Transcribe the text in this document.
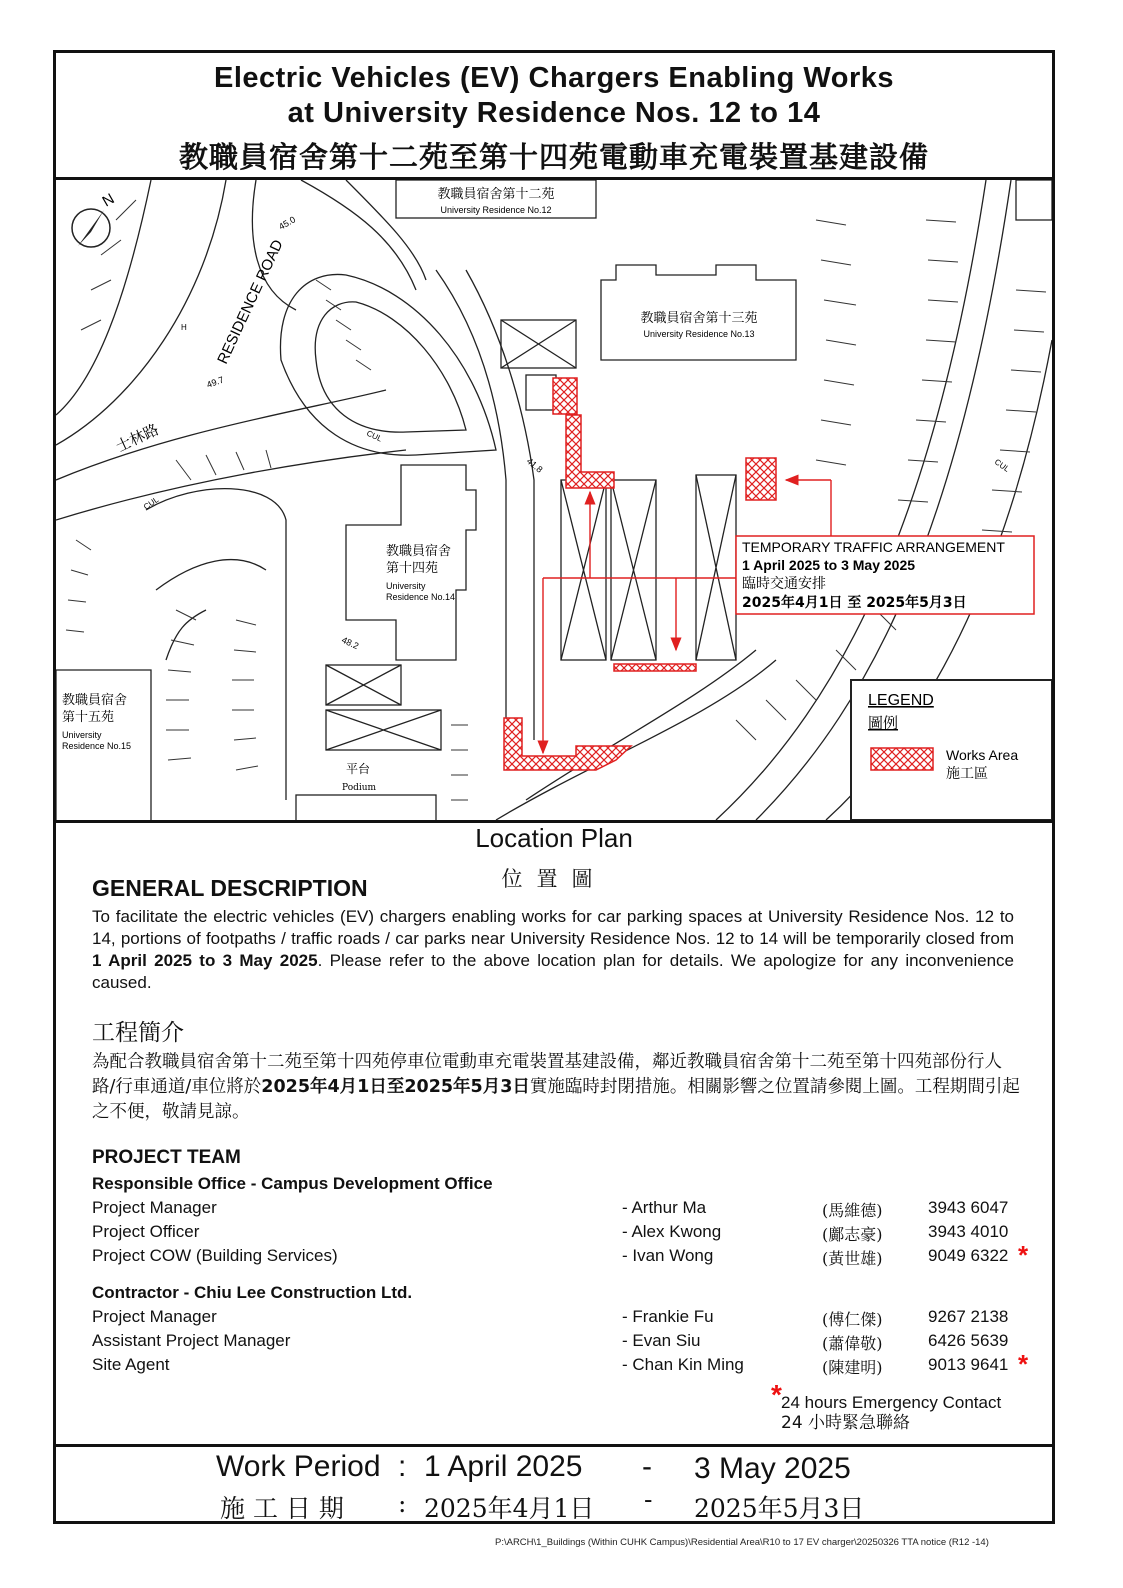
Electric Vehicles (EV) Chargers Enabling Works
at University Residence Nos. 12 to 14
教職員宿舍第十二苑至第十四苑電動車充電裝置基建設備
TEMPORARY TRAFFIC ARRANGEMENT
1 April 2025 to 3 May 2025
臨時交通安排
2025年4月1日 至 2025年5月3日
LEGEND
圖例
Works Area
施工區
N
RESIDENCE ROAD
士林路
45.0
49.7
41.8
48.2
H
CUL
CUL
CUL
教職員宿舍第十二苑
University Residence No.12
教職員宿舍第十三苑
University Residence No.13
教職員宿舍
第十四苑
University
Residence No.14
教職員宿舍
第十五苑
University
Residence No.15
平台
Podium
Location Plan
位置圖
GENERAL DESCRIPTION
To facilitate the electric vehicles (EV) chargers enabling works for car parking spaces at University Residence Nos. 12 to 14, portions of footpaths / traffic roads / car parks near University Residence Nos. 12 to 14 will be temporarily closed from 1 April 2025 to 3 May 2025. Please refer to the above location plan for details. We apologize for any inconvenience caused.
工程簡介
為配合教職員宿舍第十二苑至第十四苑停車位電動車充電裝置基建設備，鄰近教職員宿舍第十二苑至第十四苑部份行人路/行車通道/車位將於2025年4月1日至2025年5月3日實施臨時封閉措施。相關影響之位置請參閱上圖。工程期間引起之不便，敬請見諒。
PROJECT TEAM
Responsible Office - Campus Development Office
Project Manager	- Arthur Ma	(馬維德)	3943 6047
Project Officer	- Alex Kwong	(鄺志豪)	3943 4010
Project COW (Building Services)	- Ivan Wong	(黃世雄)	9049 6322 *
Contractor - Chiu Lee Construction Ltd.
Project Manager	- Frankie Fu	(傅仁傑)	9267 2138
Assistant Project Manager	- Evan Siu	(蕭偉敬)	6426 5639
Site Agent	- Chan Kin Ming	(陳建明)	9013 9641 *
* 24 hours Emergency Contact
24 小時緊急聯絡
Work Period : 1 April 2025 - 3 May 2025
施 工 日 期 : 2025年4月1日 - 2025年5月3日
P:\ARCH\1_Buildings (Within CUHK Campus)\Residential Area\R10 to 17 EV charger\20250326 TTA notice (R12 -14)
